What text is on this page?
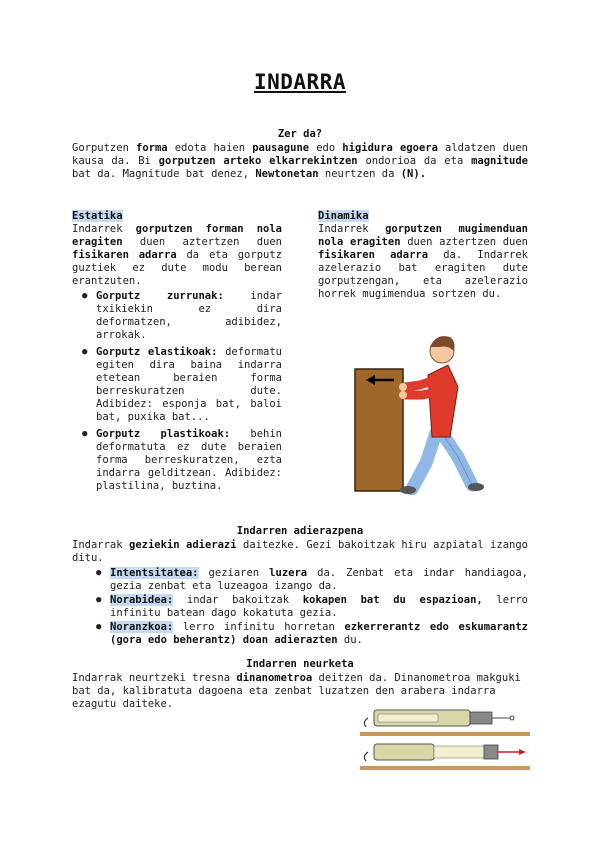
INDARRA
Zer da?
Gorputzen forma edota haien pausagune edo higidura egoera aldatzen duen kausa da. Bi gorputzen arteko elkarrekintzen ondorioa da eta magnitude bat da. Magnitude bat denez, Newtonetan neurtzen da (N).
Estatika
Indarrek gorputzen forman nola eragiten duen aztertzen duen fisikaren adarra da eta gorputz guztiek ez dute modu berean erantzuten.
● Gorputz zurrunak: indar txikiekin ez dira deformatzen, adibidez, arrokak.
● Gorputz elastikoak: deformatu egiten dira baina indarra etetean beraien forma berreskuratzen dute. Adibidez: esponja bat, baloi bat, puxika bat...
● Gorputz plastikoak: behin deformatuta ez dute beraien forma berreskuratzen, ezta indarra gelditzean. Adibidez: plastilina, buztina.
Dinamika
Indarrek gorputzen mugimenduan nola eragiten duen aztertzen duen fisikaren adarra da. Indarrek azelerazio bat eragiten dute gorputzengan, eta azelerazio horrek mugimendua sortzen du.
Indarren adierazpena
Indarrak geziekin adierazi daitezke. Gezi bakoitzak hiru azpiatal izango ditu.
● Intentsitatea: geziaren luzera da. Zenbat eta indar handiagoa, gezia zenbat eta luzeagoa izango da.
● Norabidea: indar bakoitzak kokapen bat du espazioan, lerro infinitu batean dago kokatuta gezia.
● Noranzkoa: lerro infinitu horretan ezkerrerantz edo eskumarantz (gora edo beherantz) doan adierazten du.
Indarren neurketa
Indarrak neurtzeki tresna dinanometroa deitzen da. Dinanometroa makguki bat da, kalibratuta dagoena eta zenbat luzatzen den arabera indarra ezagutu daiteke.
